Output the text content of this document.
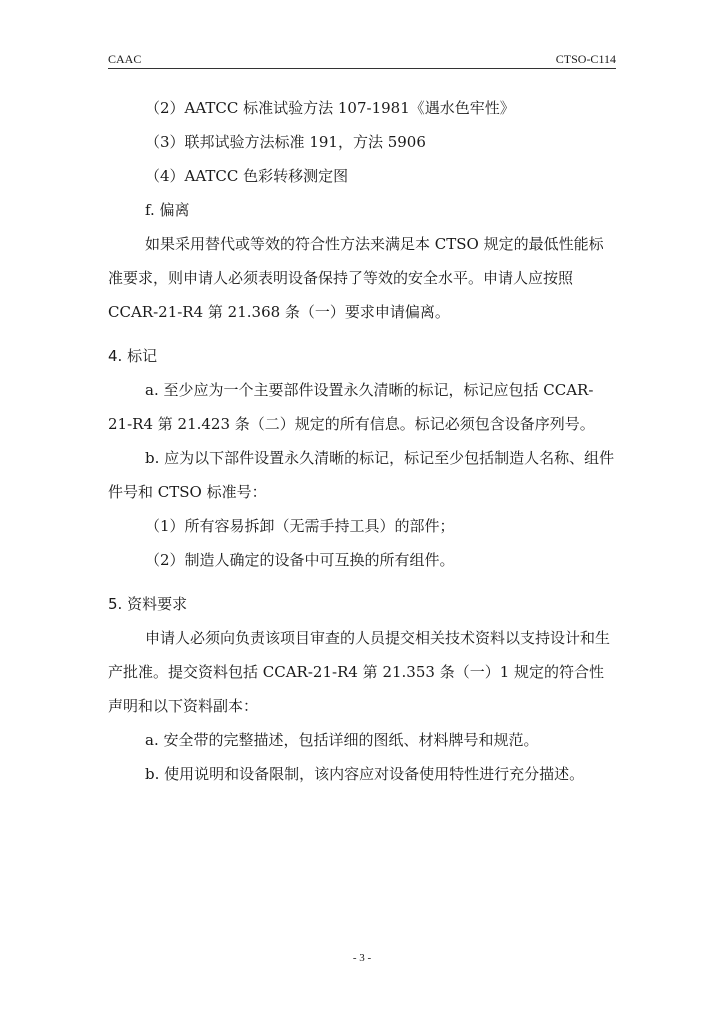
CAAC	CTSO-C114

（2）AATCC 标准试验方法 107-1981《遇水色牢性》

（3）联邦试验方法标准 191，方法 5906

（4）AATCC 色彩转移测定图

f. 偏离

如果采用替代或等效的符合性方法来满足本 CTSO 规定的最低性能标准要求，则申请人必须表明设备保持了等效的安全水平。申请人应按照 CCAR-21-R4 第 21.368 条（一）要求申请偏离。

4. 标记

a. 至少应为一个主要部件设置永久清晰的标记，标记应包括 CCAR-21-R4 第 21.423 条（二）规定的所有信息。标记必须包含设备序列号。

b. 应为以下部件设置永久清晰的标记，标记至少包括制造人名称、组件件号和 CTSO 标准号：

（1）所有容易拆卸（无需手持工具）的部件；

（2）制造人确定的设备中可互换的所有组件。

5. 资料要求

申请人必须向负责该项目审查的人员提交相关技术资料以支持设计和生产批准。提交资料包括 CCAR-21-R4 第 21.353 条（一）1 规定的符合性声明和以下资料副本：

a. 安全带的完整描述，包括详细的图纸、材料牌号和规范。

b. 使用说明和设备限制，该内容应对设备使用特性进行充分描述。

- 3 -
